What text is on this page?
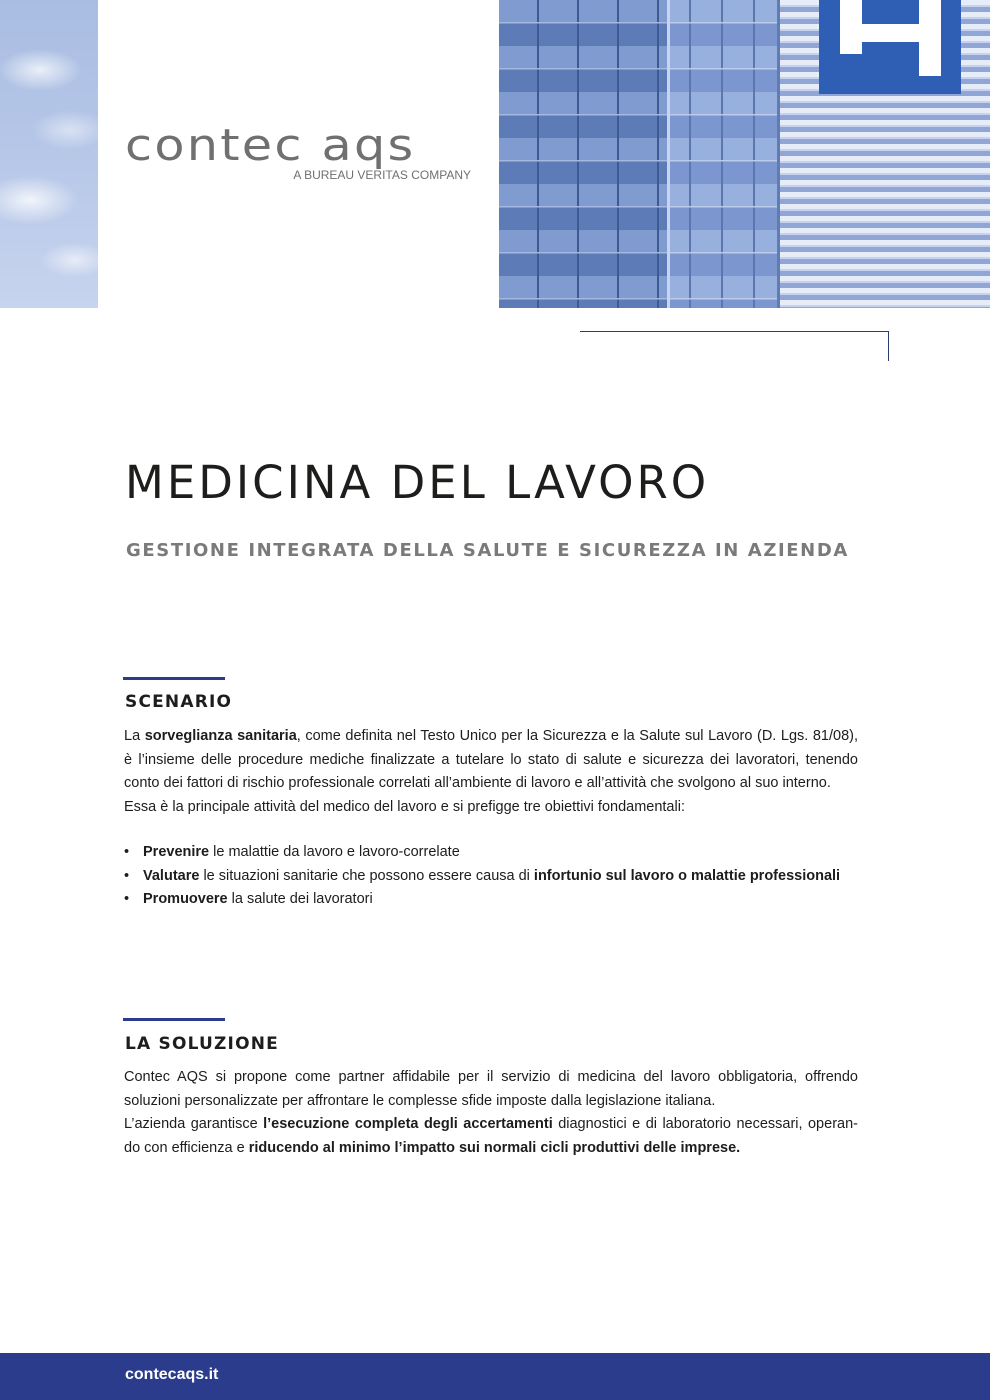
contec aqs
A BUREAU VERITAS COMPANY
MEDICINA DEL LAVORO
GESTIONE INTEGRATA DELLA SALUTE E SICUREZZA IN AZIENDA
SCENARIO
La sorveglianza sanitaria, come definita nel Testo Unico per la Sicurezza e la Salute sul Lavoro (D. Lgs. 81/08), è l’insieme delle procedure mediche finalizzate a tutelare lo stato di salute e sicurezza dei lavoratori, tenendo conto dei fattori di rischio professionale correlati all’ambiente di lavoro e all’attività che svolgono al suo interno.
Essa è la principale attività del medico del lavoro e si prefigge tre obiettivi fondamentali:
• Prevenire le malattie da lavoro e lavoro-correlate
• Valutare le situazioni sanitarie che possono essere causa di infortunio sul lavoro o malattie professionali
• Promuovere la salute dei lavoratori
LA SOLUZIONE
Contec AQS si propone come partner affidabile per il servizio di medicina del lavoro obbligatoria, offrendo soluzioni personalizzate per affrontare le complesse sfide imposte dalla legislazione italiana.
L’azienda garantisce l’esecuzione completa degli accertamenti diagnostici e di laboratorio necessari, operan-do con efficienza e riducendo al minimo l’impatto sui normali cicli produttivi delle imprese.
contecaqs.it
